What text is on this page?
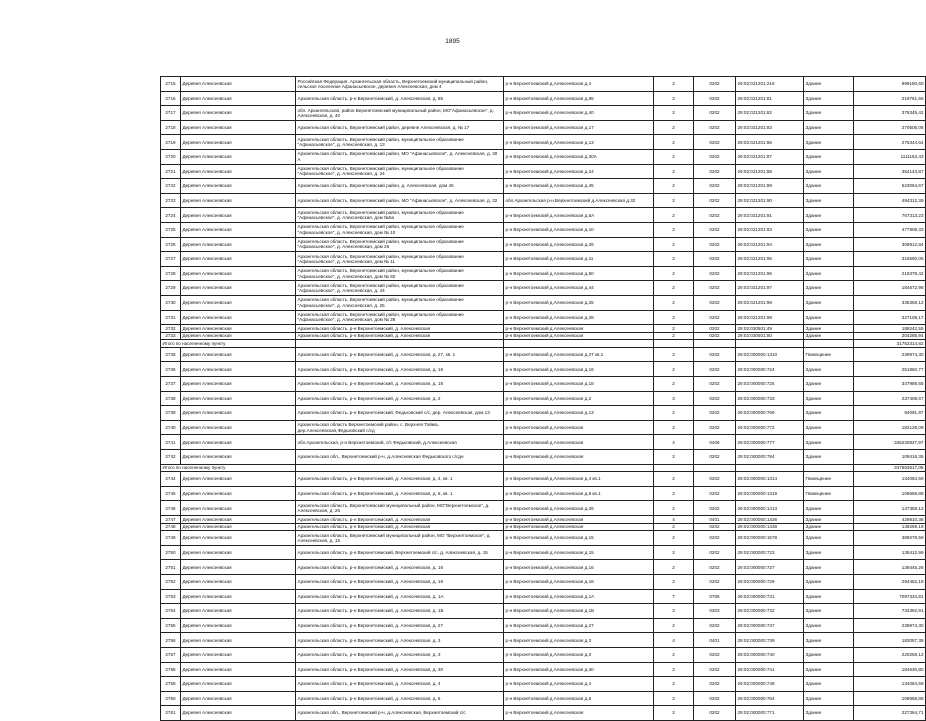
1895
2715	Деревня Алексеевская	Российская Федерация, Архангельская область, Верхнетоемский муниципальный район, сельское поселение Афанасьевское, деревня Алексеевская, дом 4	р-н Верхнетоемский д.Алексеевская д.4	2	0202	29:02:021201:218	Здание	999180,60
2716	Деревня Алексеевская	Архангельская область, р-н Верхнетоемский, д. Алексеевская, д. 85	р-н Верхнетоемский д.Алексеевская д.85	2	0202	29:02:021201:81	Здание	219761,66
2717	Деревня Алексеевская	обл. Архангельская, район Верхнетоемский муниципальный район, МО"Афанасьевское", д. Алексеевская, д. 40	р-н Верхнетоемский д.Алексеевская д.40	2	0202	29:02:021201:82	Здание	376345,42
2718	Деревня Алексеевская	Архангельская область, Верхнетоемский район, деревня Алексеевская, д. № 17	р-н Верхнетоемский д.Алексеевская д.17	2	0202	29:02:021201:83	Здание	270605,06
2719	Деревня Алексеевская	Архангельская область, Верхнетоемский район, муниципальное образование "Афанасьевское", д. Алексеевская, д. 13	р-н Верхнетоемский д.Алексеевская д.13	2	0202	29:02:021201:86	Здание	275344,64
2720	Деревня Алексеевская	Архангельская область, Верхнетоемский район, МО "Афанасьевское", д. Алексеевская, д. 30 А	р-н Верхнетоемский д.Алексеевская д.30А	2	0202	29:02:021201:87	Здание	1111163,43
2721	Деревня Алексеевская	Архангельская область, Верхнетоемский район, муниципальное образование "Афанасьевское", д. Алексеевская, д. 24	р-н Верхнетоемский д.Алексеевская д.24	2	0202	29:02:021201:88	Здание	354143,87
2722	Деревня Алексеевская	Архангельская область, Верхнетоемский район, д. Алексеевская, дом 45	р-н Верхнетоемский д.Алексеевская д.45	2	0202	29:02:021201:89	Здание	523064,67
2723	Деревня Алексеевская	Архангельская область, Верхнетоемский район, МО "Афанасьевское", д. Алексеевская, д. 32	обл.Архангельская р-н.Верхнетоемский д.Алексеевская д.32	2	0202	29:02:021201:90	Здание	494312,39
2724	Деревня Алексеевская	Архангельская область, Верхнетоемский район, муниципальное образование "Афанасьевское", д. Алексеевская, дом №5а	р-н Верхнетоемский д.Алексеевская д.5А	2	0202	29:02:021201:91	Здание	767313,23
2725	Деревня Алексеевская	Архангельская область, Верхнетоемский район, муниципальное образование "Афанасьевское", д. Алексеевская, дом № 10	р-н Верхнетоемский д.Алексеевская д.10	2	0202	29:02:021201:93	Здание	477908,33
2726	Деревня Алексеевская	Архангельская область, Верхнетоемский район, муниципальное образование "Афанасьевское", д. Алексеевская, дом 26	р-н Верхнетоемский д.Алексеевская д.26	2	0202	29:02:021201:94	Здание	308912,84
2727	Деревня Алексеевская	Архангельская область, Верхнетоемский район, муниципальное образование "Афанасьевское", д. Алексеевская, дом № 11	р-н Верхнетоемский д.Алексеевская д.11	2	0202	29:02:021201:95	Здание	316560,05
2728	Деревня Алексеевская	Архангельская область, Верхнетоемский район, муниципальное образование "Афанасьевское", д. Алексеевская, дом № 50	р-н Верхнетоемский д.Алексеевская д.50	2	0202	29:02:021201:96	Здание	219379,42
2729	Деревня Алексеевская	Архангельская область, Верхнетоемский район, муниципальное образование "Афанасьевское", д. Алексеевская, д. 44	р-н Верхнетоемский д.Алексеевская д.44	2	0202	29:02:021201:97	Здание	184672,98
2730	Деревня Алексеевская	Архангельская область, Верхнетоемский район, муниципальное образование "Афанасьевское", д. Алексеевская, д. 25	р-н Верхнетоемский д.Алексеевская д.25	2	0202	29:02:021201:98	Здание	336368,12
2731	Деревня Алексеевская	Архангельская область, Верхнетоемский район, муниципальное образование "Афанасьевское", д. Алексеевская, дом № 28	р-н Верхнетоемский д.Алексеевская д.28	2	0202	29:02:021201:99	Здание	327108,17
2732	Деревня Алексеевская	Архангельская область, р-н Верхнетоемский, д. Алексеевская	р-н Верхнетоемский д.Алексеевская	2	0202	29:02:030501:49	Здание	188242,55
2733	Деревня Алексеевская	Архангельская область, р-н Верхнетоемский, д. Алексеевская	р-н Верхнетоемский д.Алексеевская	2	0202	29:02:030501:50	Здание	204285,94
Итого по населенному пункту								31752314,82
2735	Деревня Алексеевская	Архангельская область, р-н Верхнетоемский, д. Алексеевская, д. 27, кв. 1	р-н Верхнетоемский д.Алексеевская д.27 кв.1	2	0202	29:02:000000:1310	Помещение	239974,30
2736	Деревня Алексеевская	Архангельская область, р-н Верхнетоемский, д. Алексеевская, д. 16	р-н Верхнетоемский д.Алексеевская д.16	2	0202	29:02:000000:724	Здание	251860,77
2737	Деревня Алексеевская	Архангельская область, р-н Верхнетоемский, д. Алексеевская, д. 18	р-н Верхнетоемский д.Алексеевская д.18	2	0202	29:02:000000:725	Здание	347989,55
2738	Деревня Алексеевская	Архангельская область, р-н Верхнетоемский, д. Алексеевская, д. 2	р-н Верхнетоемский д.Алексеевская д.2	3	0202	29:02:000000:733	Здание	237408,67
2739	Деревня Алексеевская	Архангельская область, р-н Верхнетоемский, Федьковский с/с, дер. Алексеевская, дом 13	р-н Верхнетоемский д.Алексеевская д.13	2	0202	29:02:000000:769	Здание	94091,97
2740	Деревня Алексеевская	Архангельская область Верхнетоемский район, с. Верхняя Тойма, дер.Алексеевская,Федьковский с/сд	р-н Верхнетоемский д.Алексеевская	2	0202	29:02:000000:772	Здание	182128,09
2741	Деревня Алексеевская	обл.Архангельская, р-н Верхнетоемский, с/с Федьковский, д.Алексеевская	р-н Верхнетоемский д.Алексеевская	4	0406	29:02:000000:777	Здание	345230827,97
2742	Деревня Алексеевская	Архангельская обл., Верхнетоемский р-н, д.Алексеевская Федьковского с/сдн	р-н Верхнетоемский д.Алексеевская	2	0202	29:02:000000:784	Здание	109416,35
Итого по населенному пункту								347563617,06
2744	Деревня Алексеевская	Архангельская область, р-н Верхнетоемский, д. Алексеевская, д. 4, кв. 1	р-н Верхнетоемский д.Алексеевская д.4 кв.1	2	0202	29:02:000000:1314	Помещение	134084,59
2745	Деревня Алексеевская	Архангельская область, р-н Верхнетоемский, д. Алексеевская, д. 6, кв. 1	р-н Верхнетоемский д.Алексеевская д.6 кв.1	2	0202	29:02:000000:1319	Помещение	108658,88
2746	Деревня Алексеевская	Архангельская область, Верхнетоемский муниципальный район, МО"Верхнетоемское", д. Алексеевская, д. 26	р-н Верхнетоемский д.Алексеевская д.26	2	0202	29:02:000000:1413	Здание	147359,12
2747	Деревня Алексеевская	Архангельская область, р-н Верхнетоемский, д. Алексеевская	р-н Верхнетоемский д.Алексеевская	4	0401	29:02:000000:1436	Здание	429810,38
2748	Деревня Алексеевская	Архангельская область, р-н Верхнетоемский, д. Алексеевская	р-н Верхнетоемский д.Алексеевская	2	0202	29:02:000000:1438	Здание	149269,19
2749	Деревня Алексеевская	Архангельская область, Верхнетоемский муниципальный район, МО "Верхнетоемское", д. Алексеевская, д. 15	р-н Верхнетоемский д.Алексеевская д.15	2	0202	29:02:000000:1578	Здание	389278,58
2750	Деревня Алексеевская	Архангельская область, р-н Верхнетоемский, Верхнетоемский с/с, д. Алексеевская, д. 15	р-н Верхнетоемский д.Алексеевская д.15	2	0202	29:02:000000:723	Здание	135412,99
2751	Деревня Алексеевская	Архангельская область, р-н Верхнетоемский, д. Алексеевская, д. 16	р-н Верхнетоемский д.Алексеевская д.16	2	0202	29:02:000000:727	Здание	139445,26
2752	Деревня Алексеевская	Архангельская область, р-н Верхнетоемский, д. Алексеевская, д. 18	р-н Верхнетоемский д.Алексеевская д.18	2	0202	29:02:000000:729	Здание	294452,18
2753	Деревня Алексеевская	Архангельская область, р-н Верхнетоемский, д. Алексеевская, д. 1А	р-н Верхнетоемский д.Алексеевская д.1А	7	0705	29:02:000000:731	Здание	7097334,91
2754	Деревня Алексеевская	Архангельская область, р-н Верхнетоемский, д. Алексеевская, д. 1Б	р-н Верхнетоемский д.Алексеевская д.1Б	3	0303	29:02:000000:732	Здание	734382,91
2755	Деревня Алексеевская	Архангельская область, р-н Верхнетоемский, д. Алексеевская, д. 27	р-н Верхнетоемский д.Алексеевская д.27	2	0202	29:02:000000:737	Здание	239974,30
2756	Деревня Алексеевская	Архангельская область, р-н Верхнетоемский, д. Алексеевская, д. 3	р-н Верхнетоемский д.Алексеевская д.3	4	0401	29:02:000000:739	Здание	183087,38
2757	Деревня Алексеевская	Архангельская область, р-н Верхнетоемский, д. Алексеевская, д. 3	р-н Верхнетоемский д.Алексеевская д.3	2	0202	29:02:000000:740	Здание	220258,12
2758	Деревня Алексеевская	Архангельская область, р-н Верхнетоемский, д. Алексеевская, д. 30	р-н Верхнетоемский д.Алексеевская д.30	2	0202	29:02:000000:741	Здание	184630,80
2759	Деревня Алексеевская	Архангельская область, р-н Верхнетоемский, д. Алексеевская, д. 4	р-н Верхнетоемский д.Алексеевская д.4	2	0202	29:02:000000:748	Здание	134084,59
2760	Деревня Алексеевская	Архангельская область, р-н Верхнетоемский, д. Алексеевская, д. 6	р-н Верхнетоемский д.Алексеевская д.6	2	0202	29:02:000000:764	Здание	108658,88
2761	Деревня Алексеевская	Архангельская обл., Верхнетоемский р-н, д.Алексеевская, Верхнетоемский с/с	р-н Верхнетоемский д.Алексеевская	2	0202	29:02:000000:771	Здание	227364,71
